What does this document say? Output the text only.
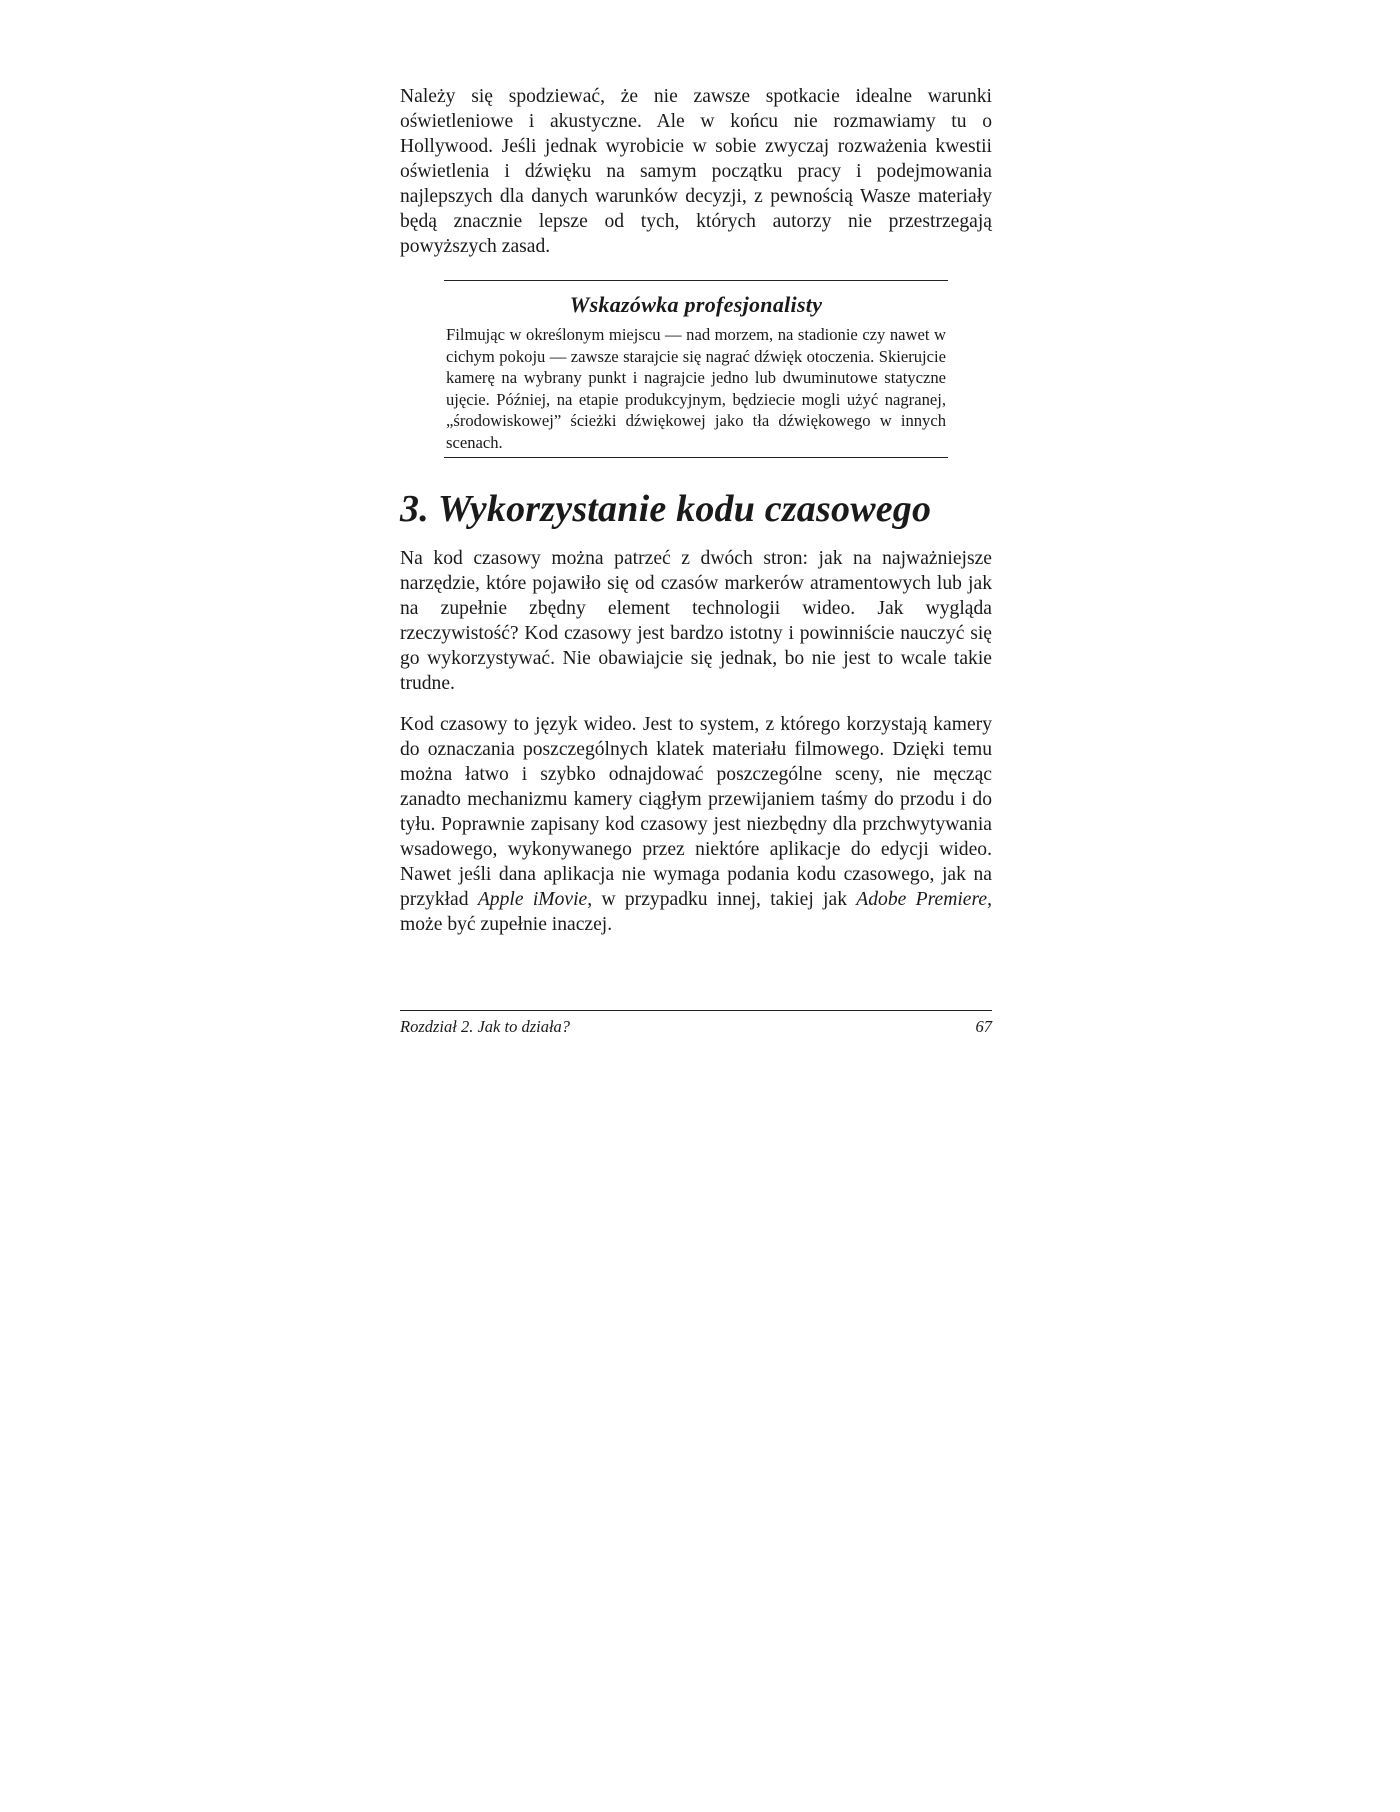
Należy się spodziewać, że nie zawsze spotkacie idealne warunki oświetleniowe i akustyczne. Ale w końcu nie rozmawiamy tu o Hollywood. Jeśli jednak wyrobicie w sobie zwyczaj rozważenia kwestii oświetlenia i dźwięku na samym początku pracy i podejmowania najlepszych dla danych warunków decyzji, z pewnością Wasze materiały będą znacznie lepsze od tych, których autorzy nie przestrzegają powyższych zasad.

Wskazówka profesjonalisty

Filmując w określonym miejscu — nad morzem, na stadionie czy nawet w cichym pokoju — zawsze starajcie się nagrać dźwięk otoczenia. Skierujcie kamerę na wybrany punkt i nagrajcie jedno lub dwuminutowe statyczne ujęcie. Później, na etapie produkcyjnym, będziecie mogli użyć nagranej, „środowiskowej” ścieżki dźwiękowej jako tła dźwiękowego w innych scenach.

3. Wykorzystanie kodu czasowego

Na kod czasowy można patrzeć z dwóch stron: jak na najważniejsze narzędzie, które pojawiło się od czasów markerów atramentowych lub jak na zupełnie zbędny element technologii wideo. Jak wygląda rzeczywistość? Kod czasowy jest bardzo istotny i powinniście nauczyć się go wykorzystywać. Nie obawiajcie się jednak, bo nie jest to wcale takie trudne.

Kod czasowy to język wideo. Jest to system, z którego korzystają kamery do oznaczania poszczególnych klatek materiału filmowego. Dzięki temu można łatwo i szybko odnajdować poszczególne sceny, nie męcząc zanadto mechanizmu kamery ciągłym przewijaniem taśmy do przodu i do tyłu. Poprawnie zapisany kod czasowy jest niezbędny dla przchwytywania wsadowego, wykonywanego przez niektóre aplikacje do edycji wideo. Nawet jeśli dana aplikacja nie wymaga podania kodu czasowego, jak na przykład Apple iMovie, w przypadku innej, takiej jak Adobe Premiere, może być zupełnie inaczej.

Rozdział 2. Jak to działa?	67
